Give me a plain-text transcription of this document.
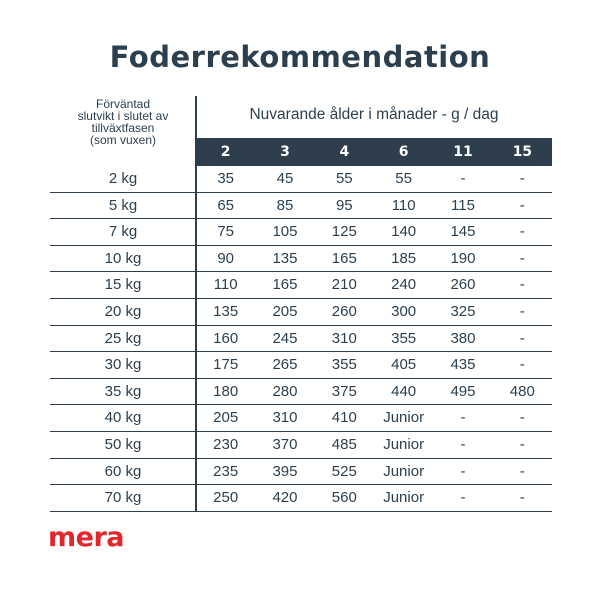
Foderrekommendation
Förväntad
slutvikt i slutet av
tillväxtfasen
(som vuxen)
Nuvarande ålder i månader - g / dag
2	3	4	6	11	15
2 kg	35	45	55	55	-	-
5 kg	65	85	95	110	115	-
7 kg	75	105	125	140	145	-
10 kg	90	135	165	185	190	-
15 kg	110	165	210	240	260	-
20 kg	135	205	260	300	325	-
25 kg	160	245	310	355	380	-
30 kg	175	265	355	405	435	-
35 kg	180	280	375	440	495	480
40 kg	205	310	410	Junior	-	-
50 kg	230	370	485	Junior	-	-
60 kg	235	395	525	Junior	-	-
70 kg	250	420	560	Junior	-	-
mera
